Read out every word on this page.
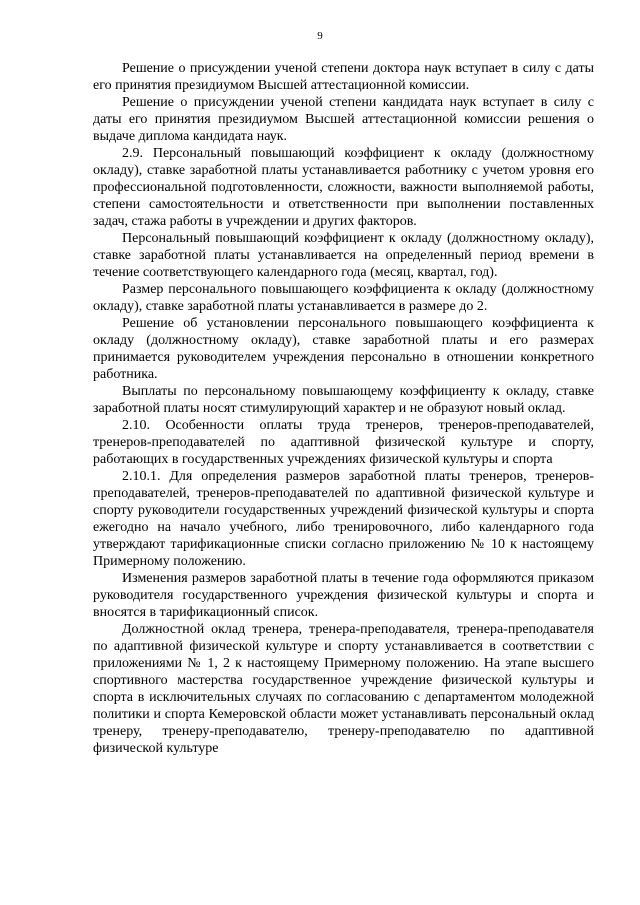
9

Решение о присуждении ученой степени доктора наук вступает в силу с даты его принятия президиумом Высшей аттестационной комиссии.

Решение о присуждении ученой степени кандидата наук вступает в силу с даты его принятия президиумом Высшей аттестационной комиссии решения о выдаче диплома кандидата наук.

2.9. Персональный повышающий коэффициент к окладу (должностному окладу), ставке заработной платы устанавливается работнику с учетом уровня его профессиональной подготовленности, сложности, важности выполняемой работы, степени самостоятельности и ответственности при выполнении поставленных задач, стажа работы в учреждении и других факторов.

Персональный повышающий коэффициент к окладу (должностному окладу), ставке заработной платы устанавливается на определенный период времени в течение соответствующего календарного года (месяц, квартал, год).

Размер персонального повышающего коэффициента к окладу (должностному окладу), ставке заработной платы устанавливается в размере до 2.

Решение об установлении персонального повышающего коэффициента к окладу (должностному окладу), ставке заработной платы и его размерах принимается руководителем учреждения персонально в отношении конкретного работника.

Выплаты по персональному повышающему коэффициенту к окладу, ставке заработной платы носят стимулирующий характер и не образуют новый оклад.

2.10. Особенности оплаты труда тренеров, тренеров-преподавателей, тренеров-преподавателей по адаптивной физической культуре и спорту, работающих в государственных учреждениях физической культуры и спорта

2.10.1. Для определения размеров заработной платы тренеров, тренеров-преподавателей, тренеров-преподавателей по адаптивной физической культуре и спорту руководители государственных учреждений физической культуры и спорта ежегодно на начало учебного, либо тренировочного, либо календарного года утверждают тарификационные списки согласно приложению № 10 к настоящему Примерному положению.

Изменения размеров заработной платы в течение года оформляются приказом руководителя государственного учреждения физической культуры и спорта и вносятся в тарификационный список.

Должностной оклад тренера, тренера-преподавателя, тренера-преподавателя по адаптивной физической культуре и спорту устанавливается в соответствии с приложениями № 1, 2 к настоящему Примерному положению. На этапе высшего спортивного мастерства государственное учреждение физической культуры и спорта в исключительных случаях по согласованию с департаментом молодежной политики и спорта Кемеровской области может устанавливать персональный оклад тренеру, тренеру-преподавателю, тренеру-преподавателю по адаптивной физической культуре
